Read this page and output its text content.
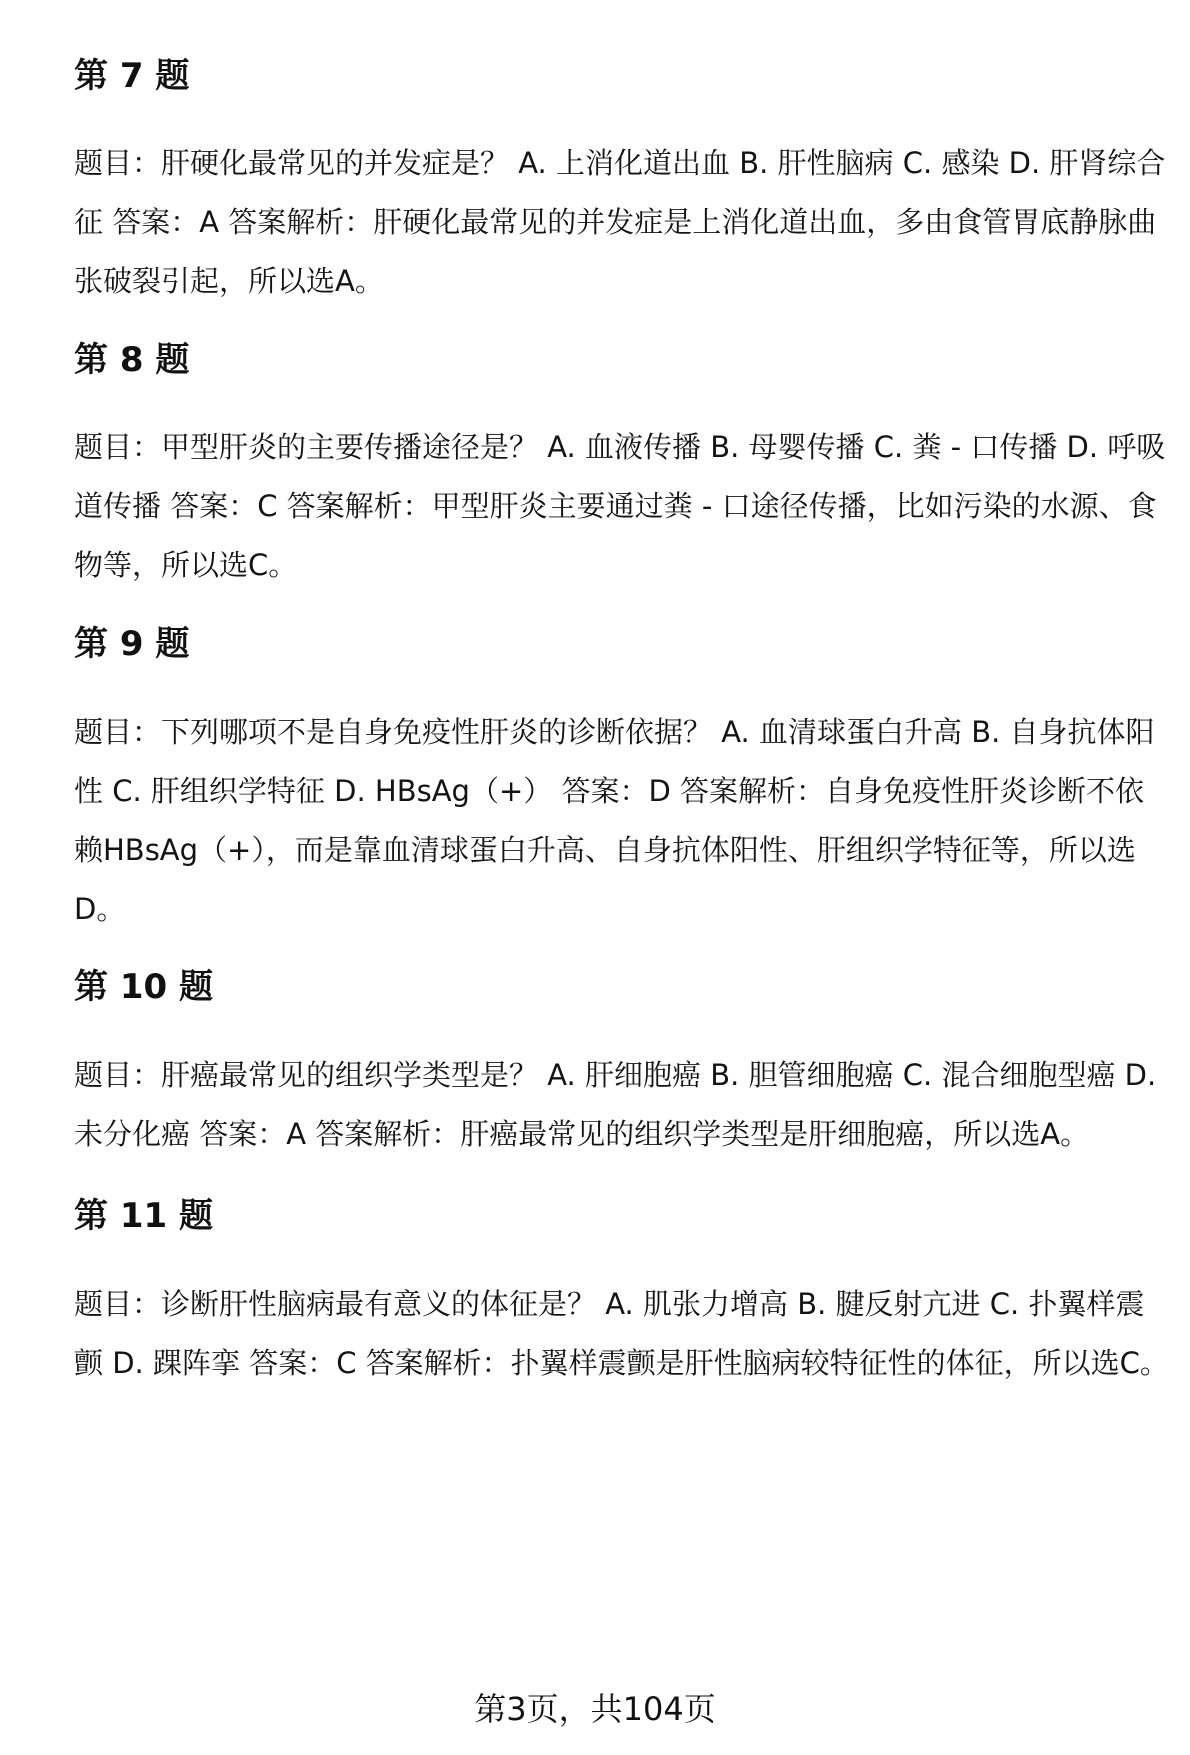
第 7 题

题目：肝硬化最常见的并发症是？ A. 上消化道出血 B. 肝性脑病 C. 感染 D. 肝肾综合征 答案：A 答案解析：肝硬化最常见的并发症是上消化道出血，多由食管胃底静脉曲张破裂引起，所以选A。

第 8 题

题目：甲型肝炎的主要传播途径是？ A. 血液传播 B. 母婴传播 C. 粪 - 口传播 D. 呼吸道传播 答案：C 答案解析：甲型肝炎主要通过粪 - 口途径传播，比如污染的水源、食物等，所以选C。

第 9 题

题目：下列哪项不是自身免疫性肝炎的诊断依据？ A. 血清球蛋白升高 B. 自身抗体阳性 C. 肝组织学特征 D. HBsAg（+） 答案：D 答案解析：自身免疫性肝炎诊断不依赖HBsAg（+），而是靠血清球蛋白升高、自身抗体阳性、肝组织学特征等，所以选D。

第 10 题

题目：肝癌最常见的组织学类型是？ A. 肝细胞癌 B. 胆管细胞癌 C. 混合细胞型癌 D. 未分化癌 答案：A 答案解析：肝癌最常见的组织学类型是肝细胞癌，所以选A。

第 11 题

题目：诊断肝性脑病最有意义的体征是？ A. 肌张力增高 B. 腱反射亢进 C. 扑翼样震颤 D. 踝阵挛 答案：C 答案解析：扑翼样震颤是肝性脑病较特征性的体征，所以选C。

第3页，共104页
